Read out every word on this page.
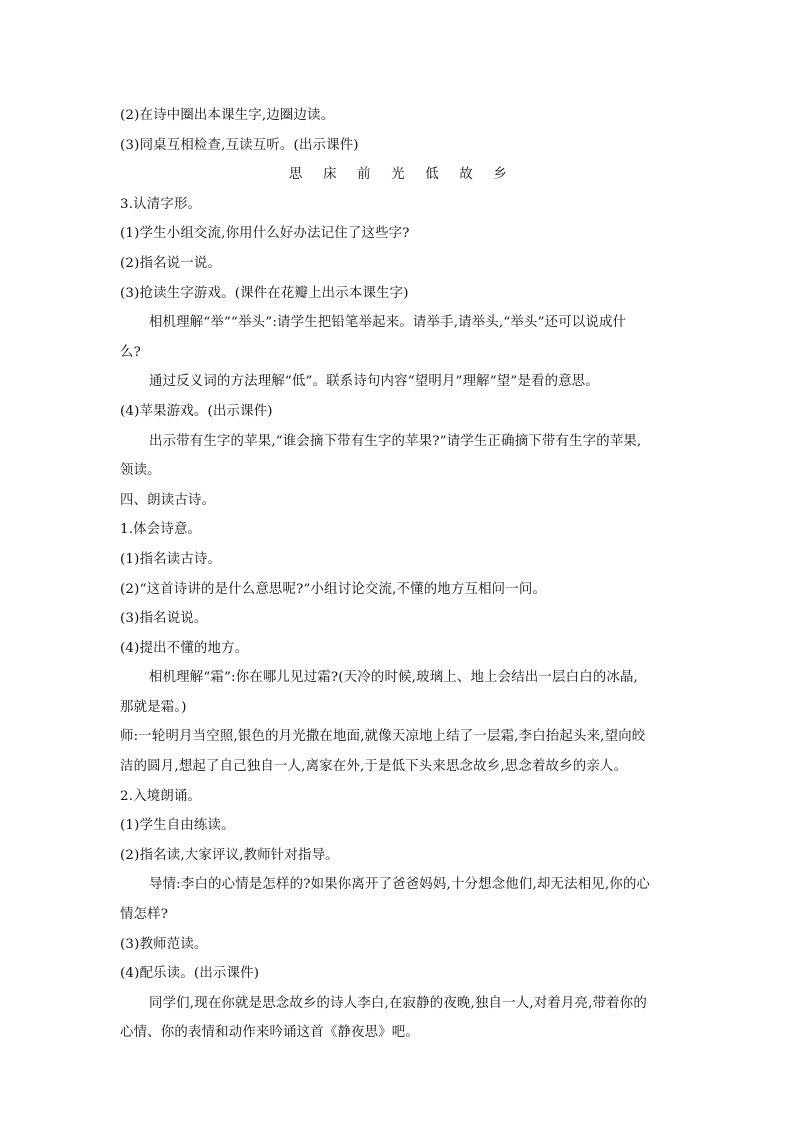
(2)在诗中圈出本课生字,边圈边读。
(3)同桌互相检查,互读互听。(出示课件)
思 床 前 光 低 故 乡
3.认清字形。
(1)学生小组交流,你用什么好办法记住了这些字?
(2)指名说一说。
(3)抢读生字游戏。(课件在花瓣上出示本课生字)
相机理解“举”“举头”:请学生把铅笔举起来。请举手,请举头,“举头”还可以说成什
么?
通过反义词的方法理解“低”。联系诗句内容“望明月”理解“望”是看的意思。
(4)苹果游戏。(出示课件)
出示带有生字的苹果,“谁会摘下带有生字的苹果?”请学生正确摘下带有生字的苹果,
领读。
四、朗读古诗。
1.体会诗意。
(1)指名读古诗。
(2)“这首诗讲的是什么意思呢?”小组讨论交流,不懂的地方互相问一问。
(3)指名说说。
(4)提出不懂的地方。
相机理解“霜”:你在哪儿见过霜?(天冷的时候,玻璃上、地上会结出一层白白的冰晶,
那就是霜。)
师:一轮明月当空照,银色的月光撒在地面,就像天凉地上结了一层霜,李白抬起头来,望向皎
洁的圆月,想起了自己独自一人,离家在外,于是低下头来思念故乡,思念着故乡的亲人。
2.入境朗诵。
(1)学生自由练读。
(2)指名读,大家评议,教师针对指导。
导情:李白的心情是怎样的?如果你离开了爸爸妈妈,十分想念他们,却无法相见,你的心
情怎样?
(3)教师范读。
(4)配乐读。(出示课件)
同学们,现在你就是思念故乡的诗人李白,在寂静的夜晚,独自一人,对着月亮,带着你的
心情、你的表情和动作来吟诵这首《静夜思》吧。
